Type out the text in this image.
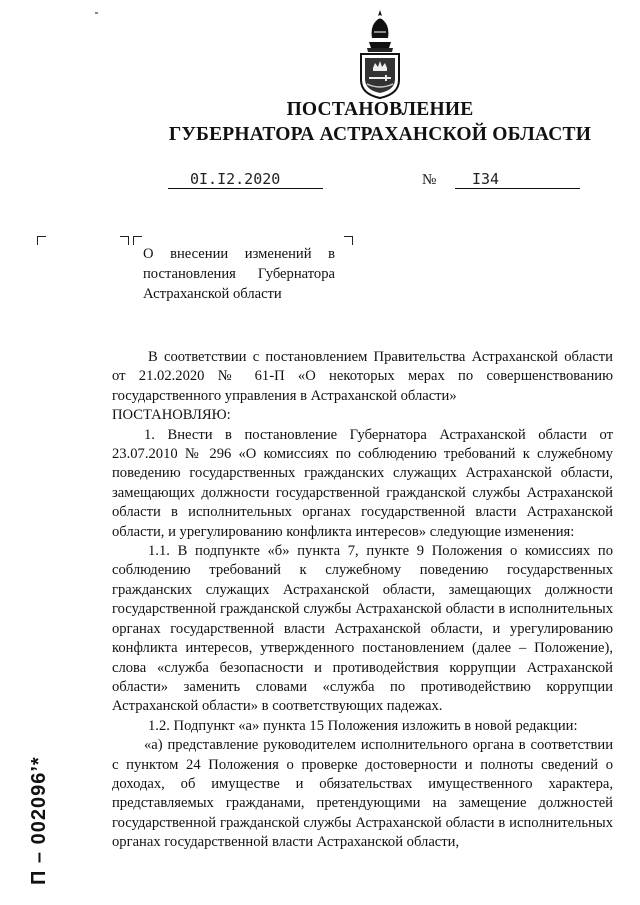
ПОСТАНОВЛЕНИЕ
ГУБЕРНАТОРА АСТРАХАНСКОЙ ОБЛАСТИ
0I.I2.2020	№ I34
О внесении изменений в постановления Губернатора Астраханской области

В соответствии с постановлением Правительства Астраханской области от 21.02.2020 № 61-П «О некоторых мерах по совершенствованию государственного управления в Астраханской области»

ПОСТАНОВЛЯЮ:

1. Внести в постановление Губернатора Астраханской области от 23.07.2010 № 296 «О комиссиях по соблюдению требований к служебному поведению государственных гражданских служащих Астраханской области, замещающих должности государственной гражданской службы Астраханской области в исполнительных органах государственной власти Астраханской области, и урегулированию конфликта интересов» следующие изменения:

1.1. В подпункте «б» пункта 7, пункте 9 Положения о комиссиях по соблюдению требований к служебному поведению государственных гражданских служащих Астраханской области, замещающих должности государственной гражданской службы Астраханской области в исполнительных органах государственной власти Астраханской области, и урегулированию конфликта интересов, утвержденного постановлением (далее – Положение), слова «служба безопасности и противодействия коррупции Астраханской области» заменить словами «служба по противодействию коррупции Астраханской области» в соответствующих падежах.

1.2. Подпункт «а» пункта 15 Положения изложить в новой редакции:

«а) представление руководителем исполнительного органа в соответствии с пунктом 24 Положения о проверке достоверности и полноты сведений о доходах, об имуществе и обязательствах имущественного характера, представляемых гражданами, претендующими на замещение должностей государственной гражданской службы Астраханской области в исполнительных органах государственной власти Астраханской области,

П – 002096’*
